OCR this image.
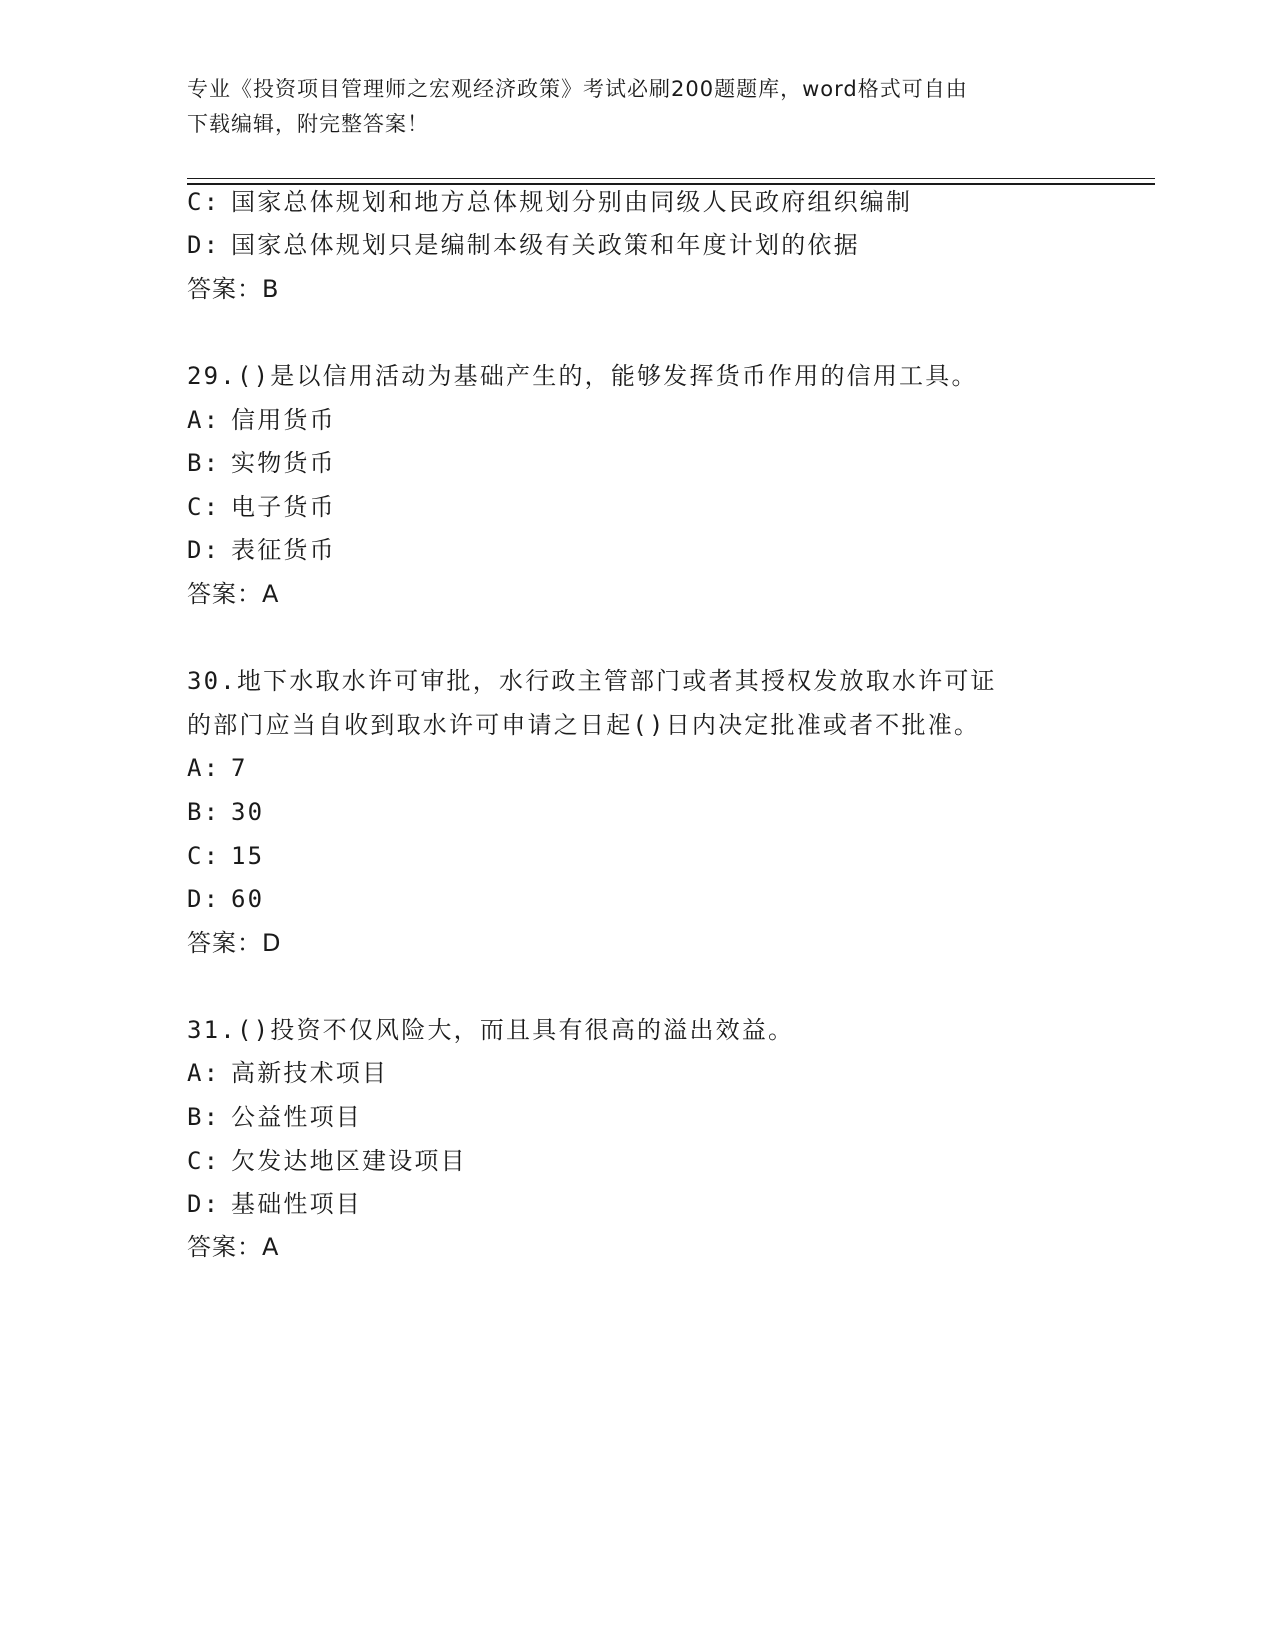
专业《投资项目管理师之宏观经济政策》考试必刷200题题库，word格式可自由
下载编辑，附完整答案！
C: 国家总体规划和地方总体规划分别由同级人民政府组织编制
D: 国家总体规划只是编制本级有关政策和年度计划的依据
答案：B
29.()是以信用活动为基础产生的，能够发挥货币作用的信用工具。
A: 信用货币
B: 实物货币
C: 电子货币
D: 表征货币
答案：A
30.地下水取水许可审批，水行政主管部门或者其授权发放取水许可证
的部门应当自收到取水许可申请之日起()日内决定批准或者不批准。
A: 7
B: 30
C: 15
D: 60
答案：D
31.()投资不仅风险大，而且具有很高的溢出效益。
A: 高新技术项目
B: 公益性项目
C: 欠发达地区建设项目
D: 基础性项目
答案：A
